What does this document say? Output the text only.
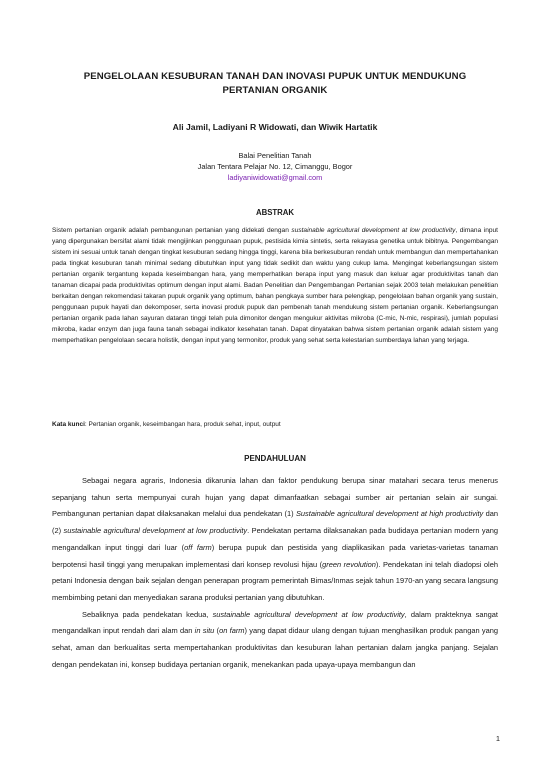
PENGELOLAAN KESUBURAN TANAH DAN INOVASI PUPUK UNTUK MENDUKUNG PERTANIAN ORGANIK
Ali Jamil, Ladiyani R Widowati, dan Wiwik Hartatik
Balai Penelitian Tanah
Jalan Tentara Pelajar No. 12, Cimanggu, Bogor
ladiyaniwidowati@gmail.com
ABSTRAK

Sistem pertanian organik adalah pembangunan pertanian yang didekati dengan sustainable agricultural development at low productivity, dimana input yang dipergunakan bersifat alami tidak mengijinkan penggunaan pupuk, pestisida kimia sintetis, serta rekayasa genetika untuk bibitnya. Pengembangan sistem ini sesuai untuk tanah dengan tingkat kesuburan sedang hingga tinggi, karena bila berkesuburan rendah untuk membangun dan mempertahankan pada tingkat kesuburan tanah minimal sedang dibutuhkan input yang tidak sedikit dan waktu yang cukup lama. Mengingat keberlangsungan sistem pertanian organik tergantung kepada keseimbangan hara, yang memperhatikan berapa input yang masuk dan keluar agar produktivitas tanah dan tanaman dicapai pada produktivitas optimum dengan input alami. Badan Penelitian dan Pengembangan Pertanian sejak 2003 telah melakukan penelitian berkaitan dengan rekomendasi takaran pupuk organik yang optimum, bahan pengkaya sumber hara pelengkap, pengelolaan bahan organik yang sustain, penggunaan pupuk hayati dan dekomposer, serta inovasi produk pupuk dan pembenah tanah mendukung sistem pertanian organik. Keberlangsungan pertanian organik pada lahan sayuran dataran tinggi telah pula dimonitor dengan mengukur aktivitas mikroba (C-mic, N-mic, respirasi), jumlah populasi mikroba, kadar enzym dan juga fauna tanah sebagai indikator kesehatan tanah. Dapat dinyatakan bahwa sistem pertanian organik adalah sistem yang memperhatikan pengelolaan secara holistik, dengan input yang termonitor, produk yang sehat serta kelestarian sumberdaya lahan yang terjaga.

Kata kunci: Pertanian organik, keseimbangan hara, produk sehat, input, output

PENDAHULUAN

Sebagai negara agraris, Indonesia dikarunia lahan dan faktor pendukung berupa sinar matahari secara terus menerus sepanjang tahun serta mempunyai curah hujan yang dapat dimanfaatkan sebagai sumber air pertanian selain air sungai. Pembangunan pertanian dapat dilaksanakan melalui dua pendekatan (1) Sustainable agricultural development at high productivity dan (2) sustainable agricultural development at low productivity. Pendekatan pertama dilaksanakan pada budidaya pertanian modern yang mengandalkan input tinggi dari luar (off farm) berupa pupuk dan pestisida yang diaplikasikan pada varietas-varietas tanaman berpotensi hasil tinggi yang merupakan implementasi dari konsep revolusi hijau (green revolution). Pendekatan ini telah diadopsi oleh petani Indonesia dengan baik sejalan dengan penerapan program pemerintah Bimas/Inmas sejak tahun 1970-an yang secara langsung membimbing petani dan menyediakan sarana produksi pertanian yang dibutuhkan.

Sebaliknya pada pendekatan kedua, sustainable agricultural development at low productivity, dalam prakteknya sangat mengandalkan input rendah dari alam dan in situ (on farm) yang dapat didaur ulang dengan tujuan menghasilkan produk pangan yang sehat, aman dan berkualitas serta mempertahankan produktivitas dan kesuburan lahan pertanian dalam jangka panjang. Sejalan dengan pendekatan ini, konsep budidaya pertanian organik, menekankan pada upaya-upaya membangun dan

1
